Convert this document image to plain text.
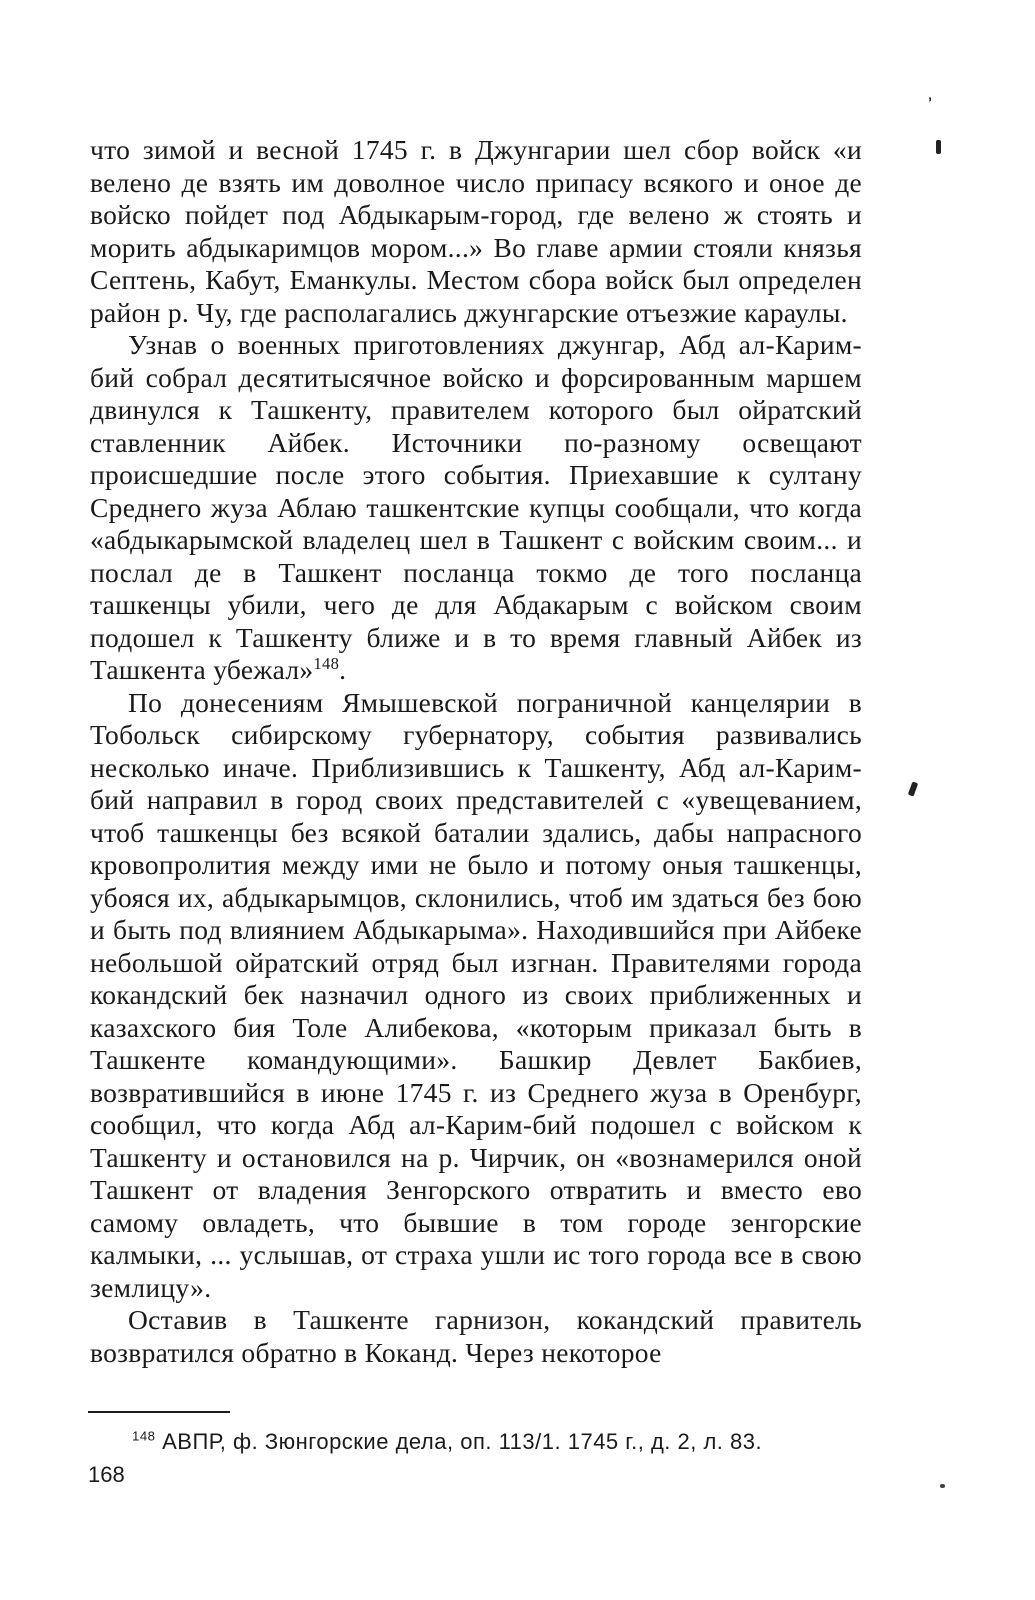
что зимой и весной 1745 г. в Джунгарии шел сбор войск «и велено де взять им доволное число припасу всякого и оное де войско пойдет под Абдыкарым-город, где велено ж стоять и морить абдыкаримцов мором...» Во главе армии стояли князья Септень, Кабут, Еманкулы. Местом сбора войск был определен район р. Чу, где располагались джунгарские отъезжие караулы.

Узнав о военных приготовлениях джунгар, Абд ал-Карим-бий собрал десятитысячное войско и форсированным маршем двинулся к Ташкенту, правителем которого был ойратский ставленник Айбек. Источники по-разному освещают происшедшие после этого события. Приехавшие к султану Среднего жуза Аблаю ташкентские купцы сообщали, что когда «абдыкарымской владелец шел в Ташкент с войским своим... и послал де в Ташкент посланца токмо де того посланца ташкенцы убили, чего де для Абдакарым с войском своим подошел к Ташкенту ближе и в то время главный Айбек из Ташкента убежал»$^{148}$.

По донесениям Ямышевской пограничной канцелярии в Тобольск сибирскому губернатору, события развивались несколько иначе. Приблизившись к Ташкенту, Абд ал-Карим-бий направил в город своих представителей с «увещеванием, чтоб ташкенцы без всякой баталии здались, дабы напрасного кровопролития между ими не было и потому оныя ташкенцы, убояся их, абдыкарымцов, склонились, чтоб им здаться без бою и быть под влиянием Абдыкарыма». Находившийся при Айбеке небольшой ойратский отряд был изгнан. Правителями города кокандский бек назначил одного из своих приближенных и казахского бия Толе Алибекова, «которым приказал быть в Ташкенте командующими». Башкир Девлет Бакбиев, возвратившийся в июне 1745 г. из Среднего жуза в Оренбург, сообщил, что когда Абд ал-Карим-бий подошел с войском к Ташкенту и остановился на р. Чирчик, он «вознамерился оной Ташкент от владения Зенгорского отвратить и вместо ево самому овладеть, что бывшие в том городе зенгорские калмыки, ... услышав, от страха ушли ис того города все в свою землицу».

Оставив в Ташкенте гарнизон, кокандский правитель возвратился обратно в Коканд. Через некоторое

$^{148}$ АВПР, ф. Зюнгорские дела, оп. 113/1. 1745 г., д. 2, л. 83.
168
